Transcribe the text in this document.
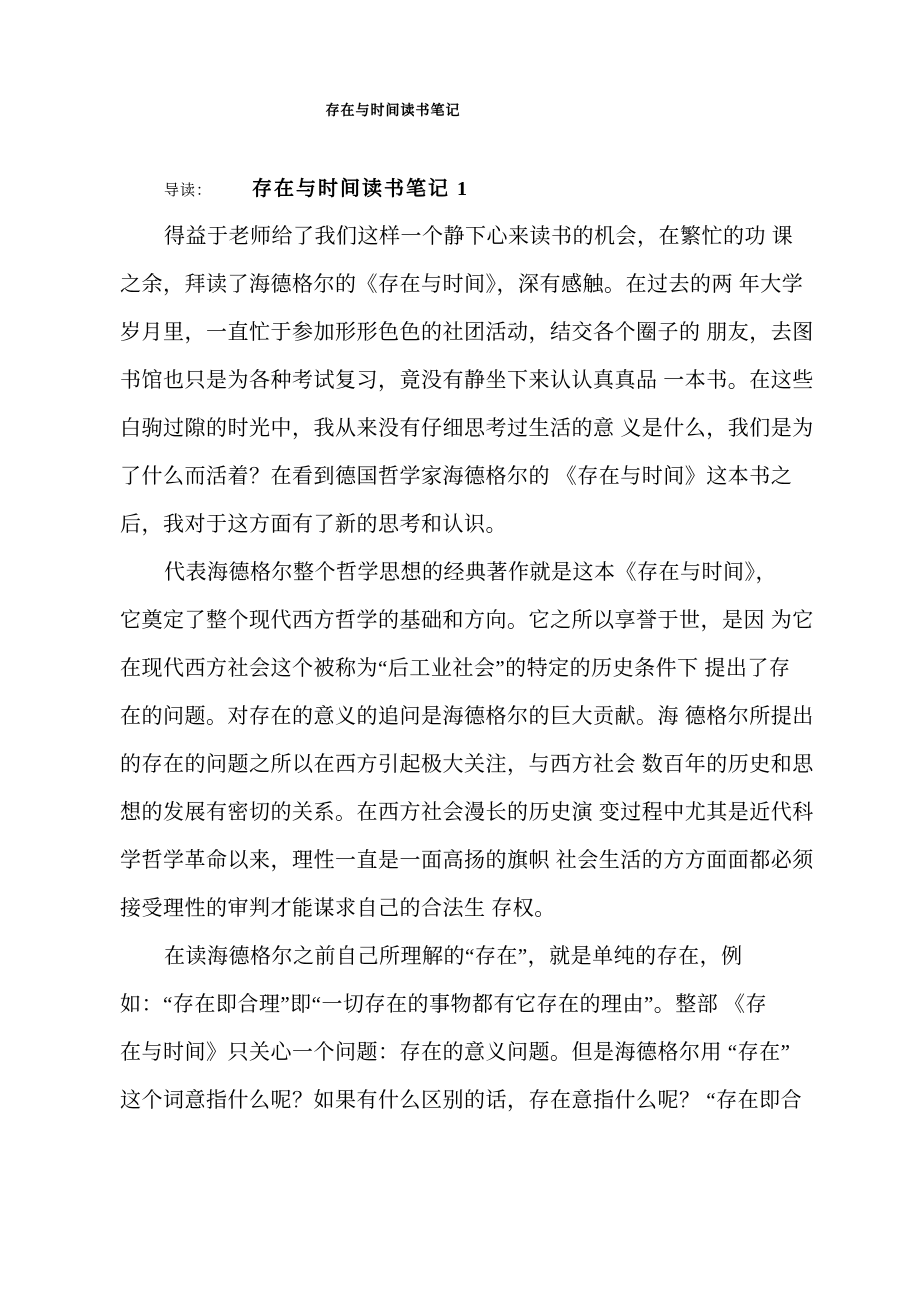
存在与时间读书笔记
导读： 存在与时间读书笔记 1
得益于老师给了我们这样一个静下心来读书的机会，在繁忙的功 课
之余，拜读了海德格尔的《存在与时间》，深有感触。在过去的两 年大学
岁月里，一直忙于参加形形色色的社团活动，结交各个圈子的 朋友，去图
书馆也只是为各种考试复习，竟没有静坐下来认认真真品 一本书。在这些
白驹过隙的时光中，我从来没有仔细思考过生活的意 义是什么，我们是为
了什么而活着？在看到德国哲学家海德格尔的 《存在与时间》这本书之
后，我对于这方面有了新的思考和认识。
代表海德格尔整个哲学思想的经典著作就是这本《存在与时间》，
它奠定了整个现代西方哲学的基础和方向。它之所以享誉于世，是因 为它
在现代西方社会这个被称为“后工业社会”的特定的历史条件下 提出了存
在的问题。对存在的意义的追问是海德格尔的巨大贡献。海 德格尔所提出
的存在的问题之所以在西方引起极大关注，与西方社会 数百年的历史和思
想的发展有密切的关系。在西方社会漫长的历史演 变过程中尤其是近代科
学哲学革命以来，理性一直是一面高扬的旗帜 社会生活的方方面面都必须
接受理性的审判才能谋求自己的合法生 存权。
在读海德格尔之前自己所理解的“存在”，就是单纯的存在，例
如：“存在即合理”即“一切存在的事物都有它存在的理由”。整部 《存
在与时间》只关心一个问题：存在的意义问题。但是海德格尔用 “存在”
这个词意指什么呢？如果有什么区别的话，存在意指什么呢？ “存在即合
